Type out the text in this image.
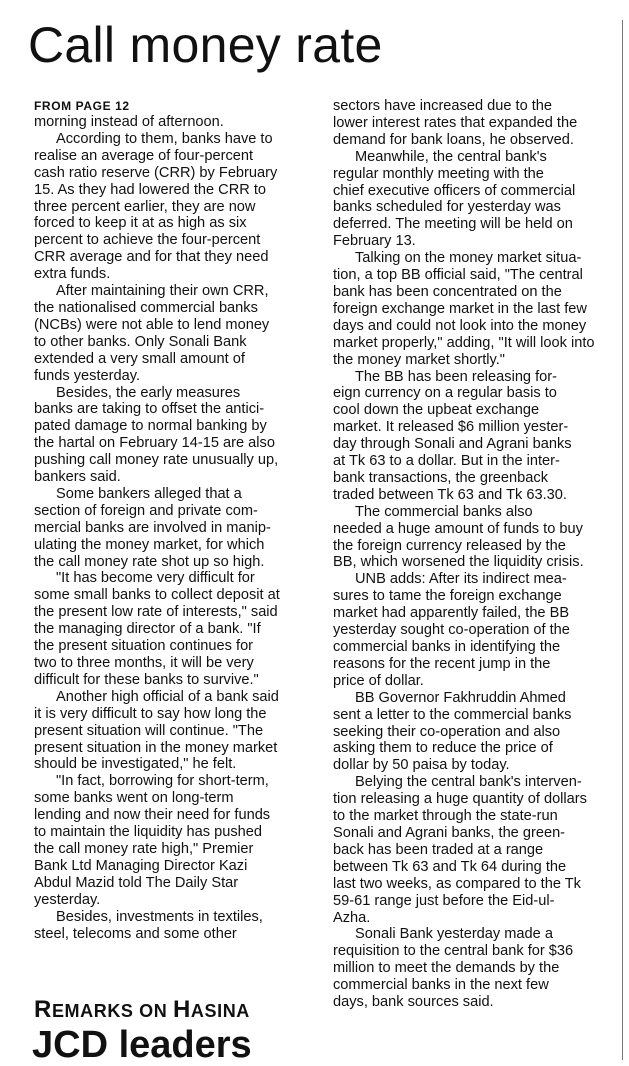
Call money rate
FROM PAGE 12

morning instead of afternoon.

According to them, banks have to
realise an average of four-percent
cash ratio reserve (CRR) by February
15. As they had lowered the CRR to
three percent earlier, they are now
forced to keep it at as high as six
percent to achieve the four-percent
CRR average and for that they need
extra funds.

After maintaining their own CRR,
the nationalised commercial banks
(NCBs) were not able to lend money
to other banks. Only Sonali Bank
extended a very small amount of
funds yesterday.

Besides, the early measures
banks are taking to offset the antici-
pated damage to normal banking by
the hartal on February 14-15 are also
pushing call money rate unusually up,
bankers said.

Some bankers alleged that a
section of foreign and private com-
mercial banks are involved in manip-
ulating the money market, for which
the call money rate shot up so high.

"It has become very difficult for
some small banks to collect deposit at
the present low rate of interests," said
the managing director of a bank. "If
the present situation continues for
two to three months, it will be very
difficult for these banks to survive."

Another high official of a bank said
it is very difficult to say how long the
present situation will continue. "The
present situation in the money market
should be investigated," he felt.

"In fact, borrowing for short-term,
some banks went on long-term
lending and now their need for funds
to maintain the liquidity has pushed
the call money rate high," Premier
Bank Ltd Managing Director Kazi
Abdul Mazid told The Daily Star
yesterday.

Besides, investments in textiles,
steel, telecoms and some other

sectors have increased due to the
lower interest rates that expanded the
demand for bank loans, he observed.

Meanwhile, the central bank's
regular monthly meeting with the
chief executive officers of commercial
banks scheduled for yesterday was
deferred. The meeting will be held on
February 13.

Talking on the money market situa-
tion, a top BB official said, "The central
bank has been concentrated on the
foreign exchange market in the last few
days and could not look into the money
market properly," adding, "It will look into
the money market shortly."

The BB has been releasing for-
eign currency on a regular basis to
cool down the upbeat exchange
market. It released $6 million yester-
day through Sonali and Agrani banks
at Tk 63 to a dollar. But in the inter-
bank transactions, the greenback
traded between Tk 63 and Tk 63.30.

The commercial banks also
needed a huge amount of funds to buy
the foreign currency released by the
BB, which worsened the liquidity crisis.

UNB adds: After its indirect mea-
sures to tame the foreign exchange
market had apparently failed, the BB
yesterday sought co-operation of the
commercial banks in identifying the
reasons for the recent jump in the
price of dollar.

BB Governor Fakhruddin Ahmed
sent a letter to the commercial banks
seeking their co-operation and also
asking them to reduce the price of
dollar by 50 paisa by today.

Belying the central bank's interven-
tion releasing a huge quantity of dollars
to the market through the state-run
Sonali and Agrani banks, the green-
back has been traded at a range
between Tk 63 and Tk 64 during the
last two weeks, as compared to the Tk
59-61 range just before the Eid-ul-
Azha.

Sonali Bank yesterday made a
requisition to the central bank for $36
million to meet the demands by the
commercial banks in the next few
days, bank sources said.

REMARKS ON HASINA
JCD leaders
